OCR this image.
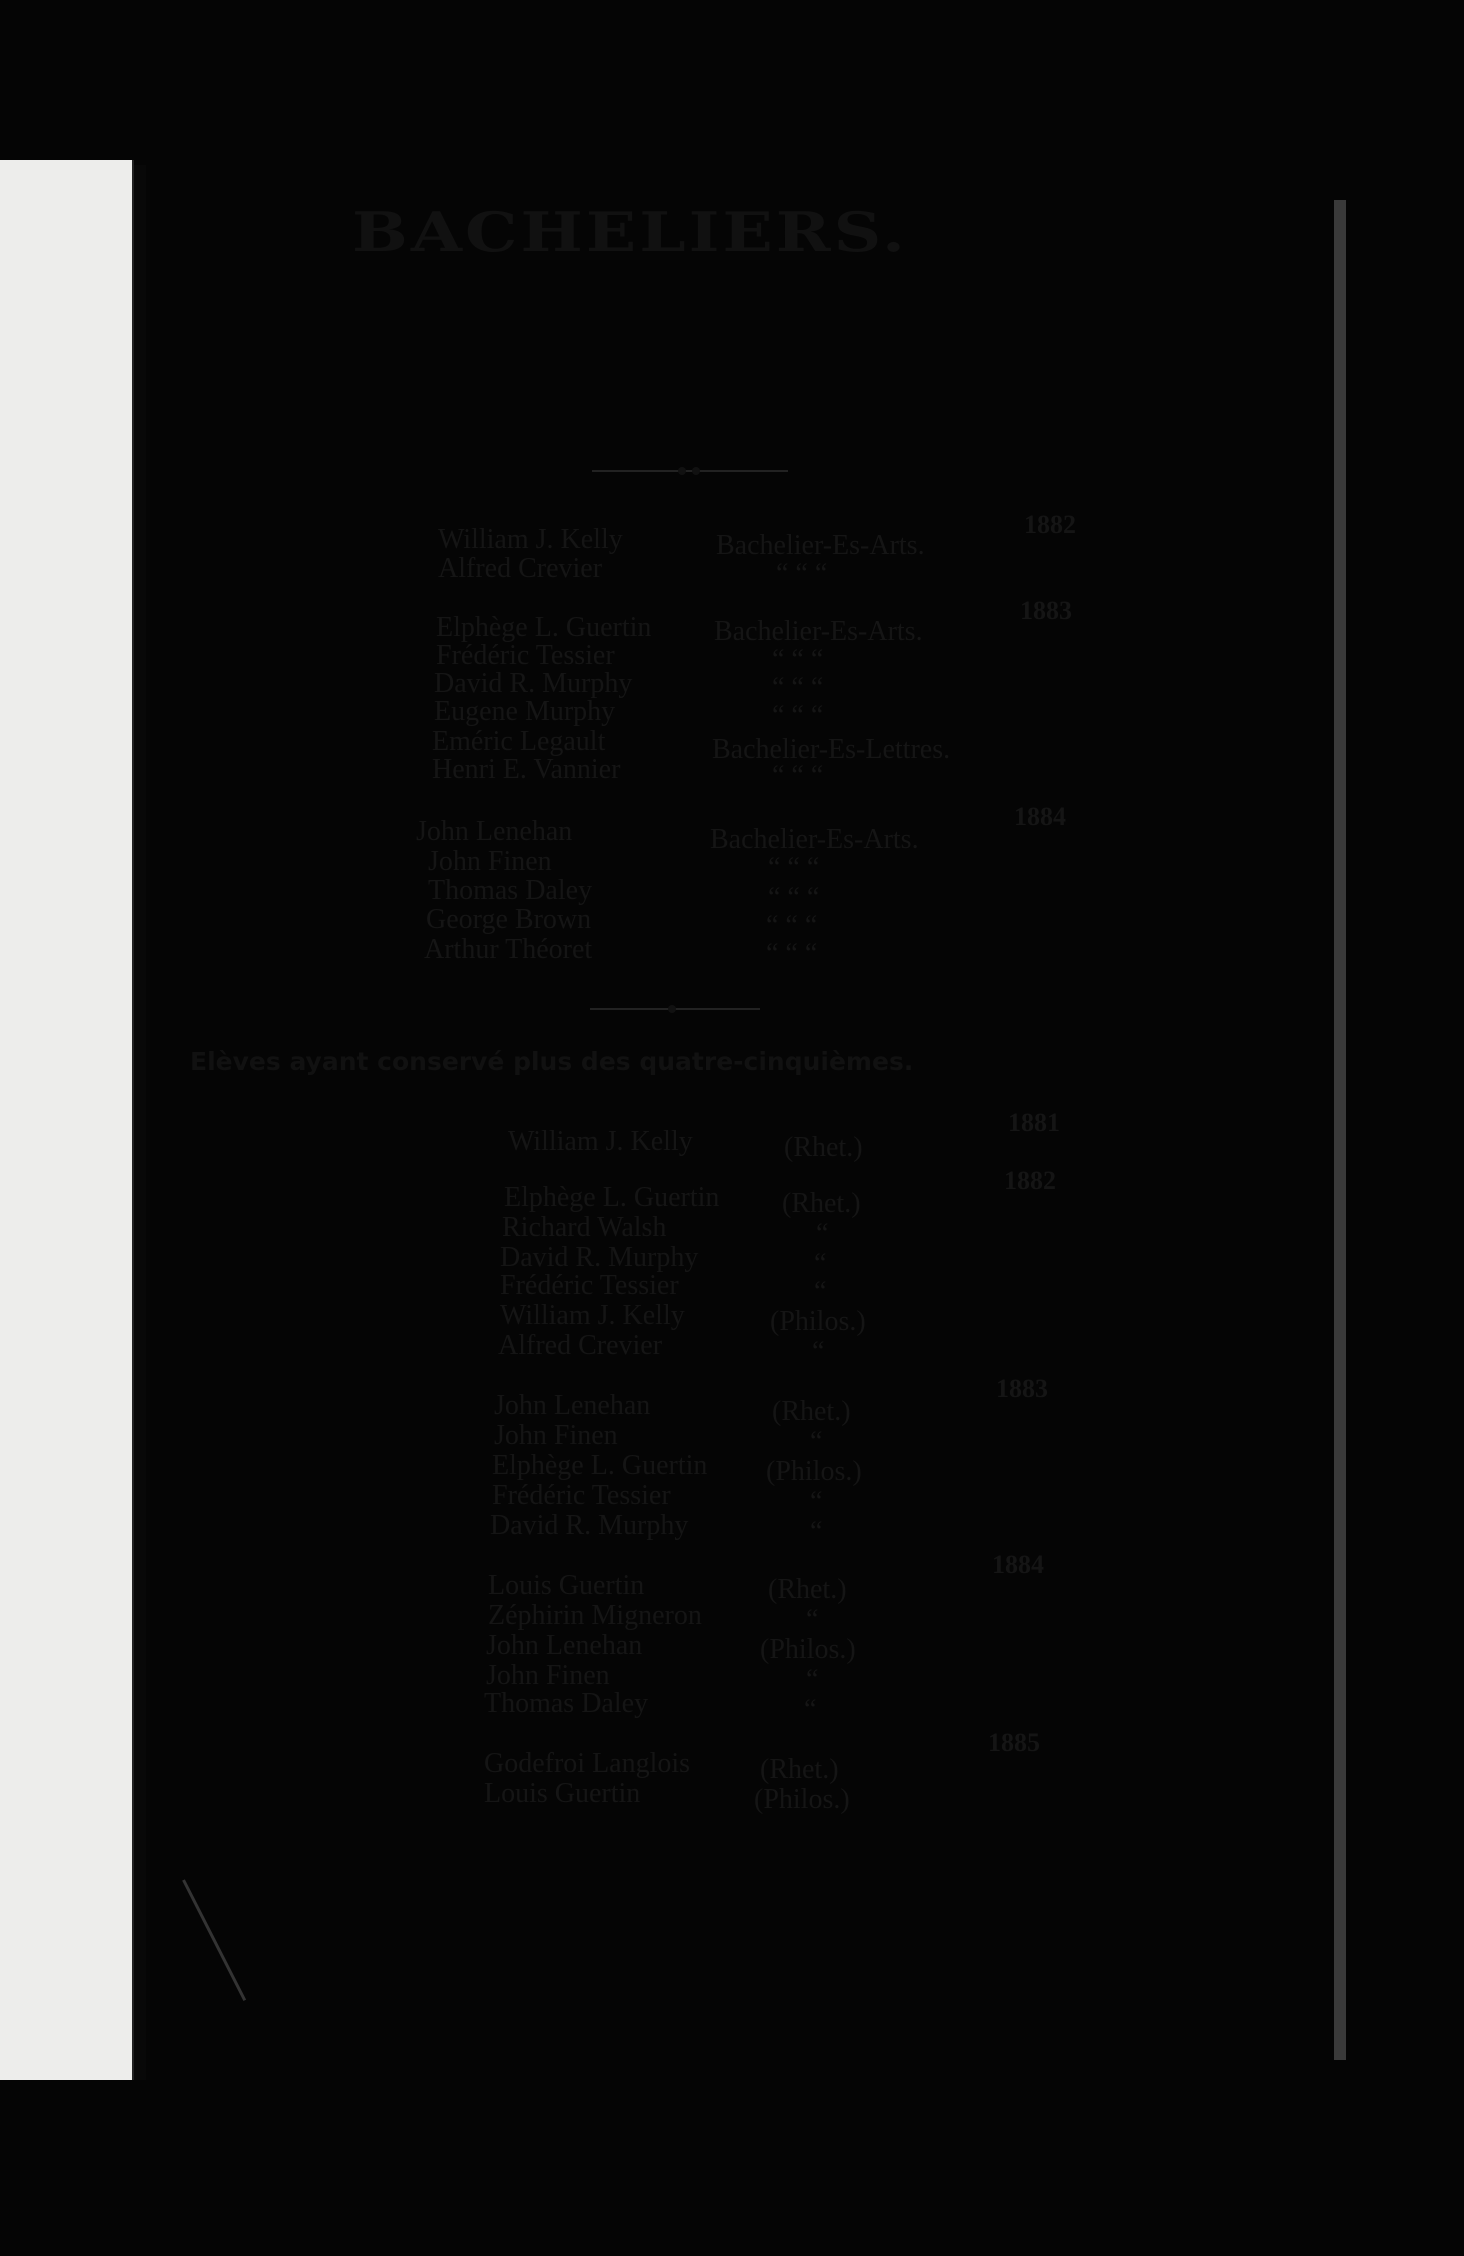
BACHELIERS.
1882
William J. Kelly	Bachelier-Es-Arts.
Alfred Crevier	“ “ “
1883
Elphège L. Guertin Bachelier-Es-Arts.
Frédéric Tessier	“ “ “
David R. Murphy	“ “ “
Eugene Murphy	“ “ “
Eméric Legault	Bachelier-Es-Lettres.
Henri E. Vannier	“ “ “
1884
John Lenehan	Bachelier-Es-Arts.
John Finen	“ “ “
Thomas Daley	“ “ “
George Brown	“ “ “
Arthur Théoret	“ “ “
Elèves ayant conservé plus des quatre-cinquièmes.
1881
William J. Kelly	(Rhet.)
1882
Elphège L. Guertin (Rhet.)
Richard Walsh	“
David R. Murphy	“
Frédéric Tessier	“
William J. Kelly	(Philos.)
Alfred Crevier	“
1883
John Lenehan	(Rhet.)
John Finen	“
Elphège L. Guertin (Philos.)
Frédéric Tessier	“
David R. Murphy	“
1884
Louis Guertin	(Rhet.)
Zéphirin Migneron	“
John Lenehan	(Philos.)
John Finen	“
Thomas Daley	“
1885
Godefroi Langlois (Rhet.)
Louis Guertin	(Philos.)
